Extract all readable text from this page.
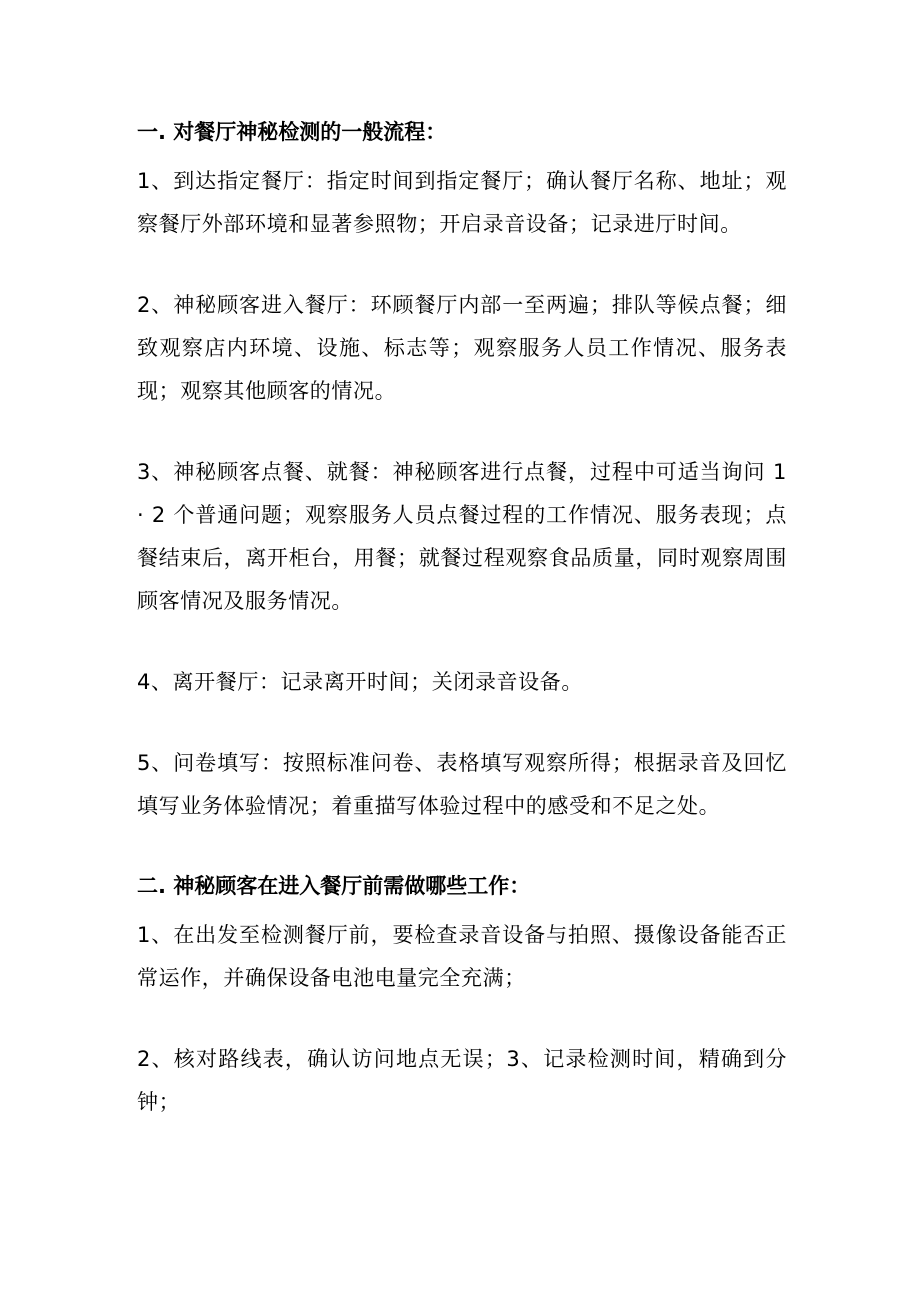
一. 对餐厅神秘检测的一般流程：

1、到达指定餐厅：指定时间到指定餐厅；确认餐厅名称、地址；观察餐厅外部环境和显著参照物；开启录音设备；记录进厅时间。

2、神秘顾客进入餐厅：环顾餐厅内部一至两遍；排队等候点餐；细致观察店内环境、设施、标志等；观察服务人员工作情况、服务表现；观察其他顾客的情况。

3、神秘顾客点餐、就餐：神秘顾客进行点餐，过程中可适当询问 1 · 2 个普通问题；观察服务人员点餐过程的工作情况、服务表现；点餐结束后，离开柜台，用餐；就餐过程观察食品质量，同时观察周围顾客情况及服务情况。

4、离开餐厅：记录离开时间；关闭录音设备。

5、问卷填写：按照标准问卷、表格填写观察所得；根据录音及回忆填写业务体验情况；着重描写体验过程中的感受和不足之处。

二. 神秘顾客在进入餐厅前需做哪些工作：

1、在出发至检测餐厅前，要检查录音设备与拍照、摄像设备能否正常运作，并确保设备电池电量完全充满；

2、核对路线表，确认访问地点无误；3、记录检测时间，精确到分钟；
